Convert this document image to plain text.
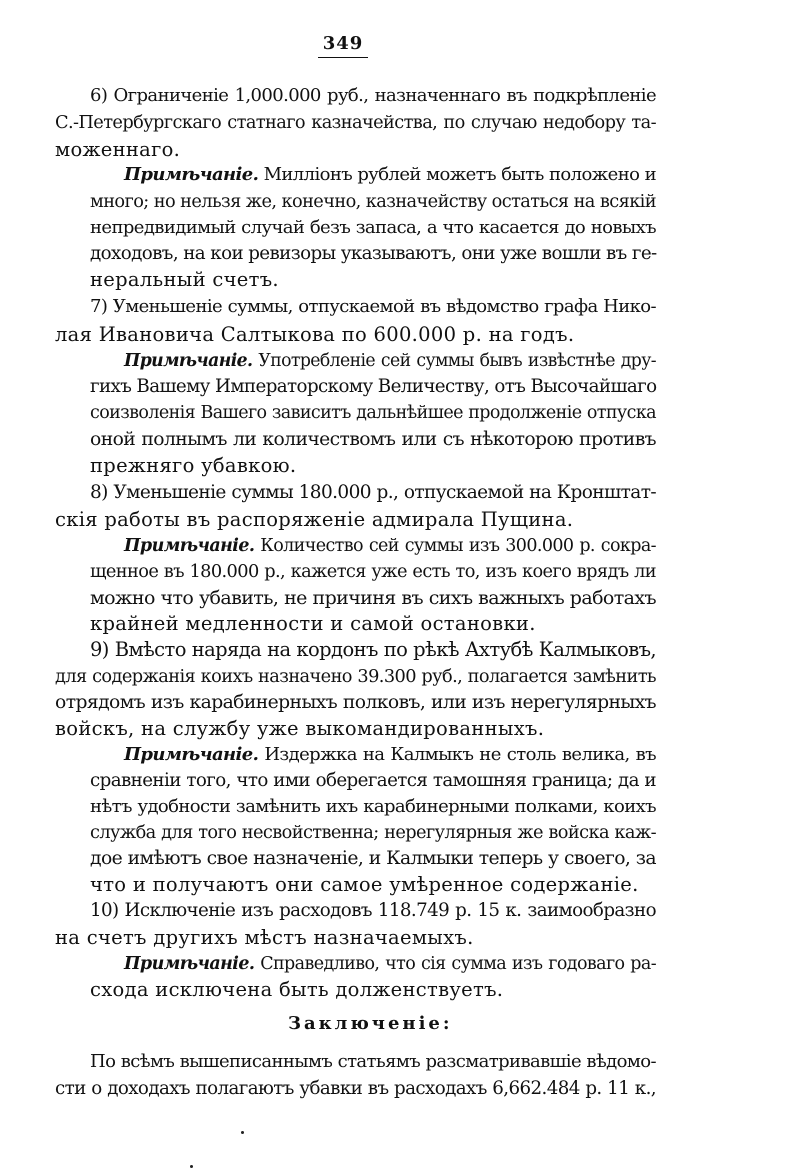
349
6) Ограниченіе 1,000.000 руб., назначеннаго въ подкрѣпленіе
С.-Петербургскаго статнаго казначейства, по случаю недобору та-
моженнаго.
Примѣчаніе. Милліонъ рублей можетъ быть положено и
много; но нельзя же, конечно, казначейству остаться на всякій
непредвидимый случай безъ запаса, а что касается до новыхъ
доходовъ, на кои ревизоры указываютъ, они уже вошли въ ге-
неральный счетъ.
7) Уменьшеніе суммы, отпускаемой въ вѣдомство графа Нико-
лая Ивановича Салтыкова по 600.000 р. на годъ.
Примѣчаніе. Употребленіе сей суммы бывъ извѣстнѣе дру-
гихъ Вашему Императорскому Величеству, отъ Высочайшаго
соизволенія Вашего зависитъ дальнѣйшее продолженіе отпуска
оной полнымъ ли количествомъ или съ нѣкоторою противъ
прежняго убавкою.
8) Уменьшеніе суммы 180.000 р., отпускаемой на Кронштат-
скія работы въ распоряженіе адмирала Пущина.
Примѣчаніе. Количество сей суммы изъ 300.000 р. сокра-
щенное въ 180.000 р., кажется уже есть то, изъ коего врядъ ли
можно что убавить, не причиня въ сихъ важныхъ работахъ
крайней медленности и самой остановки.
9) Вмѣсто наряда на кордонъ по рѣкѣ Ахтубѣ Калмыковъ,
для содержанія коихъ назначено 39.300 руб., полагается замѣнить
отрядомъ изъ карабинерныхъ полковъ, или изъ нерегулярныхъ
войскъ, на службу уже выкомандированныхъ.
Примѣчаніе. Издержка на Калмыкъ не столь велика, въ
сравненіи того, что ими оберегается тамошняя граница; да и
нѣтъ удобности замѣнить ихъ карабинерными полками, коихъ
служба для того несвойственна; нерегулярныя же войска каж-
дое имѣютъ свое назначеніе, и Калмыки теперь у своего, за
что и получаютъ они самое умѣренное содержаніе.
10) Исключеніе изъ расходовъ 118.749 р. 15 к. заимообразно
на счетъ другихъ мѣстъ назначаемыхъ.
Примѣчаніе. Справедливо, что сія сумма изъ годоваго ра-
схода исключена быть долженствуетъ.
Заключеніе:
По всѣмъ вышеписаннымъ статьямъ разсматривавшіе вѣдомо-
сти о доходахъ полагаютъ убавки въ расходахъ 6,662.484 р. 11 к.,
